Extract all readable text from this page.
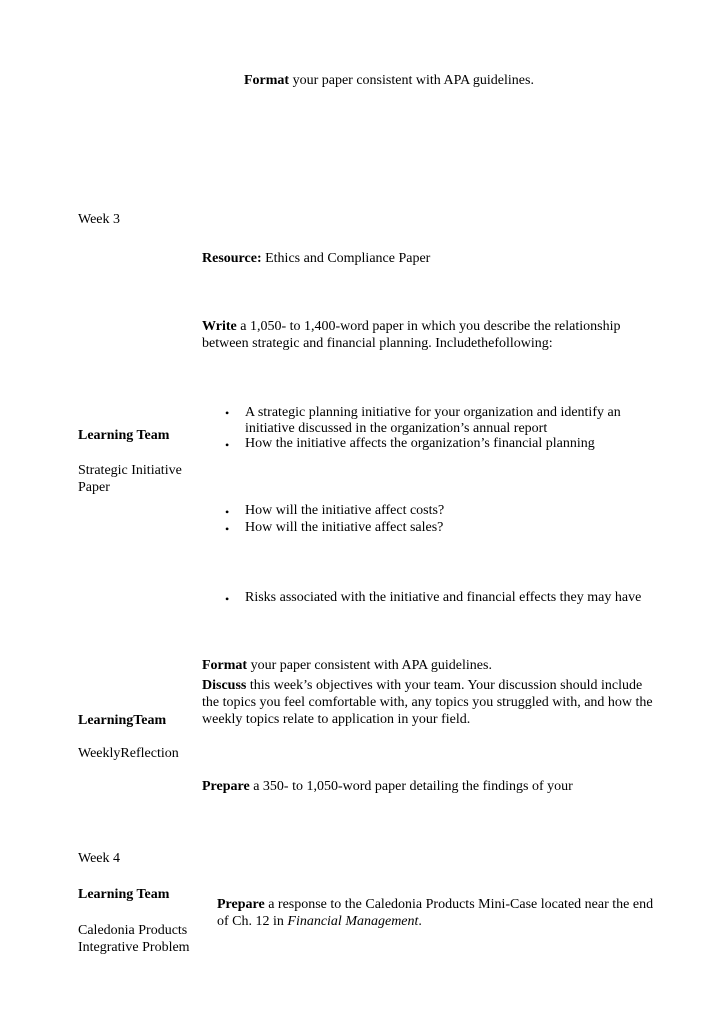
Format your paper consistent with APA guidelines.
Week 3
Resource: Ethics and Compliance Paper
Write a 1,050- to 1,400-word paper in which you describe the relationship
between strategic and financial planning. Includethefollowing:
• A strategic planning initiative for your organization and identify an
initiative discussed in the organization’s annual report
• How the initiative affects the organization’s financial planning
Learning Team
Strategic Initiative
Paper
• How will the initiative affect costs?
• How will the initiative affect sales?
• Risks associated with the initiative and financial effects they may have
Format your paper consistent with APA guidelines.
Discuss this week’s objectives with your team. Your discussion should include
the topics you feel comfortable with, any topics you struggled with, and how the
weekly topics relate to application in your field.
LearningTeam
WeeklyReflection
Prepare a 350- to 1,050-word paper detailing the findings of your
Week 4
Learning Team
Caledonia Products
Integrative Problem
Prepare a response to the Caledonia Products Mini-Case located near the end
of Ch. 12 in Financial Management.
